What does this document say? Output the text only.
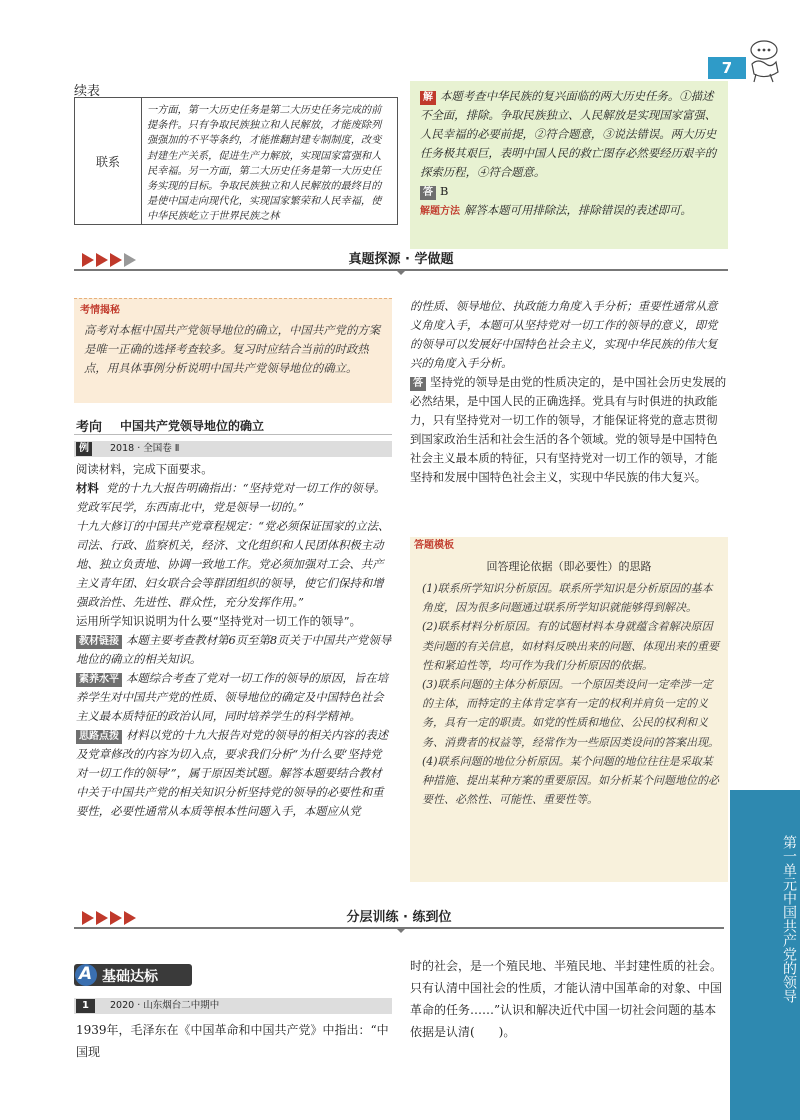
7
续表
联系
一方面，第一大历史任务是第二大历史任务完成的前提条件。只有争取民族独立和人民解放，才能废除列强强加的不平等条约，才能推翻封建专制制度，改变封建生产关系，促进生产力解放，实现国家富强和人民幸福。另一方面，第二大历史任务是第一大历史任务实现的目标。争取民族独立和人民解放的最终目的是使中国走向现代化，实现国家繁荣和人民幸福，使中华民族屹立于世界民族之林
解 本题考查中华民族的复兴面临的两大历史任务。①描述不全面，排除。争取民族独立、人民解放是实现国家富强、人民幸福的必要前提，②符合题意，③说法错误。两大历史任务极其艰巨，表明中国人民的救亡图存必然要经历艰辛的探索历程，④符合题意。
答 B
解题方法 解答本题可用排除法，排除错误的表述即可。
真题探源 · 学做题
考情揭秘
高考对本框中国共产党领导地位的确立，中国共产党的方案是唯一正确的选择考查较多。复习时应结合当前的时政热点，用具体事例分析说明中国共产党领导地位的确立。
考向 中国共产党领导地位的确立
例	2018 · 全国卷 Ⅱ

阅读材料，完成下面要求。

材料 党的十九大报告明确指出：“坚持党对一切工作的领导。党政军民学，东西南北中，党是领导一切的。”

十九大修订的中国共产党章程规定：“党必须保证国家的立法、司法、行政、监察机关，经济、文化组织和人民团体积极主动地、独立负责地、协调一致地工作。党必须加强对工会、共产主义青年团、妇女联合会等群团组织的领导，使它们保持和增强政治性、先进性、群众性，充分发挥作用。”

运用所学知识说明为什么要“坚持党对一切工作的领导”。

教材链接 本题主要考查教材第6页至第8页关于中国共产党领导地位的确立的相关知识。

素养水平 本题综合考查了党对一切工作的领导的原因，旨在培养学生对中国共产党的性质、领导地位的确定及中国特色社会主义最本质特征的政治认同，同时培养学生的科学精神。

思路点拨 材料以党的十九大报告对党的领导的相关内容的表述及党章修改的内容为切入点，要求我们分析“为什么要‘坚持党对一切工作的领导’”，属于原因类试题。解答本题要结合教材中关于中国共产党的相关知识分析坚持党的领导的必要性和重要性，必要性通常从本质等根本性问题入手，本题应从党

的性质、领导地位、执政能力角度入手分析；重要性通常从意义角度入手，本题可从坚持党对一切工作的领导的意义，即党的领导可以发展好中国特色社会主义，实现中华民族的伟大复兴的角度入手分析。

答 坚持党的领导是由党的性质决定的，是中国社会历史发展的必然结果，是中国人民的正确选择。党具有与时俱进的执政能力，只有坚持党对一切工作的领导，才能保证将党的意志贯彻到国家政治生活和社会生活的各个领域。党的领导是中国特色社会主义最本质的特征，只有坚持党对一切工作的领导，才能坚持和发展中国特色社会主义，实现中华民族的伟大复兴。

答题模板
回答理论依据（即必要性）的思路

(1)联系所学知识分析原因。联系所学知识是分析原因的基本角度，因为很多问题通过联系所学知识就能够得到解决。

(2)联系材料分析原因。有的试题材料本身就蕴含着解决原因类问题的有关信息，如材料反映出来的问题、体现出来的重要性和紧迫性等，均可作为我们分析原因的依据。

(3)联系问题的主体分析原因。一个原因类设问一定牵涉一定的主体，而特定的主体肯定享有一定的权利并肩负一定的义务，具有一定的职责。如党的性质和地位、公民的权利和义务、消费者的权益等，经常作为一些原因类设问的答案出现。

(4)联系问题的地位分析原因。某个问题的地位往往是采取某种措施、提出某种方案的重要原因。如分析某个问题地位的必要性、必然性、可能性、重要性等。

第一单元
中国共产党的领导
分层训练 · 练到位
A 基础达标
1	2020 · 山东烟台二中期中
1939年，毛泽东在《中国革命和中国共产党》中指出：“中国现
时的社会，是一个殖民地、半殖民地、半封建性质的社会。只有认清中国社会的性质，才能认清中国革命的对象、中国革命的任务……”认识和解决近代中国一切社会问题的基本依据是认清(　　)。
